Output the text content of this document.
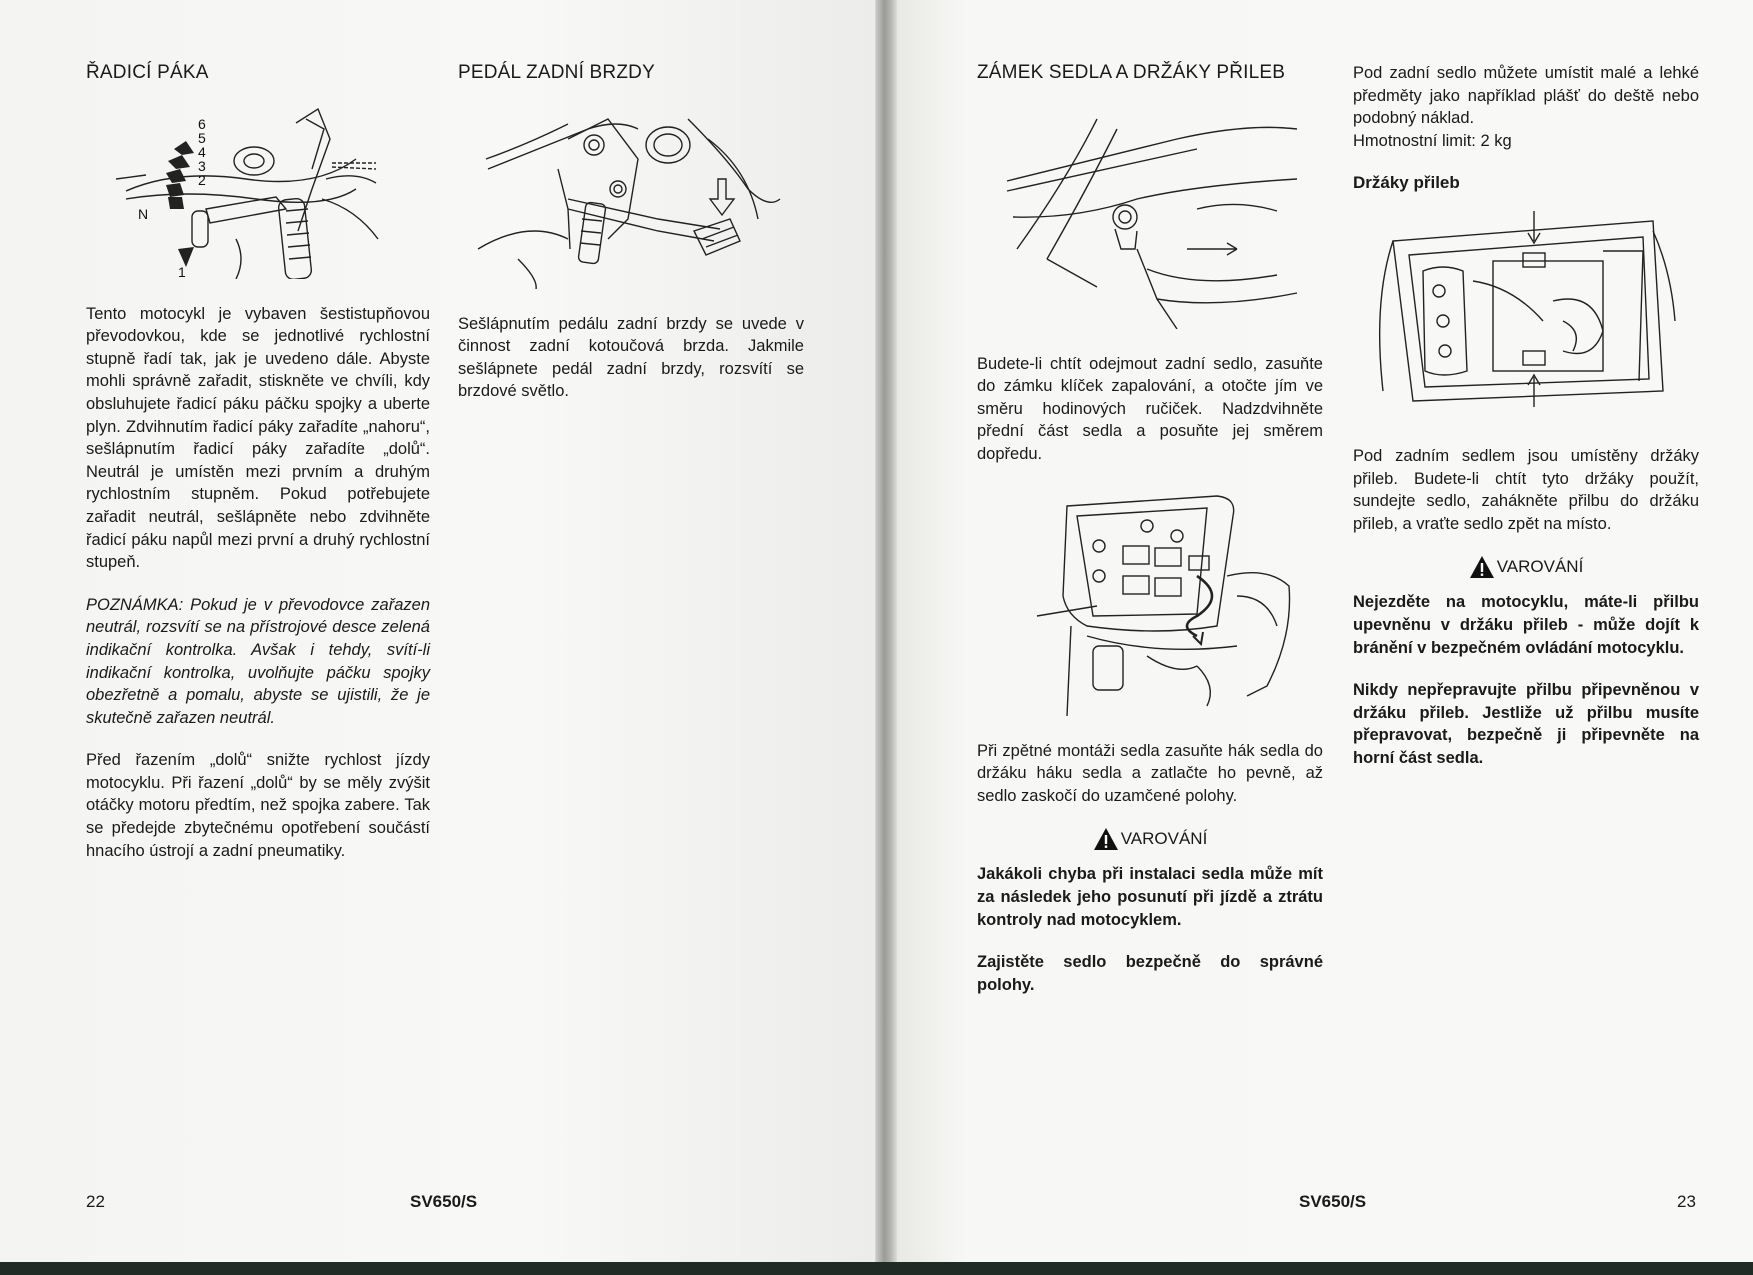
ŘADICÍ PÁKA
6
5
4
3
2
N
1

Tento motocykl je vybaven šestistupňovou převodovkou, kde se jednotlivé rychlostní stupně řadí tak, jak je uvedeno dále. Abyste mohli správně zařadit, stiskněte ve chvíli, kdy obsluhujete řadicí páku páčku spojky a uberte plyn. Zdvihnutím řadicí páky zařadíte „nahoru“, sešlápnutím řadicí páky zařadíte „dolů“. Neutrál je umístěn mezi prvním a druhým rychlostním stupněm. Pokud potřebujete zařadit neutrál, sešlápněte nebo zdvihněte řadicí páku napůl mezi první a druhý rychlostní stupeň.

POZNÁMKA: Pokud je v převodovce zařazen neutrál, rozsvítí se na přístrojové desce zelená indikační kontrolka. Avšak i tehdy, svítí-li indikační kontrolka, uvolňujte páčku spojky obezřetně a pomalu, abyste se ujistili, že je skutečně zařazen neutrál.

Před řazením „dolů“ snižte rychlost jízdy motocyklu. Při řazení „dolů“ by se měly zvýšit otáčky motoru předtím, než spojka zabere. Tak se předejde zbytečnému opotřebení součástí hnacího ústrojí a zadní pneumatiky.

PEDÁL ZADNÍ BRZDY

Sešlápnutím pedálu zadní brzdy se uvede v činnost zadní kotoučová brzda. Jakmile sešlápnete pedál zadní brzdy, rozsvítí se brzdové světlo.

22	SV650/S
ZÁMEK SEDLA A DRŽÁKY PŘILEB

Budete-li chtít odejmout zadní sedlo, zasuňte do zámku klíček zapalování, a otočte jím ve směru hodinových ručiček. Nadzdvihněte přední část sedla a posuňte jej směrem dopředu.

Při zpětné montáži sedla zasuňte hák sedla do držáku háku sedla a zatlačte ho pevně, až sedlo zaskočí do uzamčené polohy.

VAROVÁNÍ

Jakákoli chyba při instalaci sedla může mít za následek jeho posunutí při jízdě a ztrátu kontroly nad motocyklem.

Zajistěte sedlo bezpečně do správné polohy.

Pod zadní sedlo můžete umístit malé a lehké předměty jako například plášť do deště nebo podobný náklad.

Hmotnostní limit: 2 kg

Držáky přileb

Pod zadním sedlem jsou umístěny držáky přileb. Budete-li chtít tyto držáky použít, sundejte sedlo, zahákněte přilbu do držáku přileb, a vraťte sedlo zpět na místo.

VAROVÁNÍ

Nejezděte na motocyklu, máte-li přilbu upevněnu v držáku přileb - může dojít k bránění v bezpečném ovládání motocyklu.

Nikdy nepřepravujte přilbu připevněnou v držáku přileb. Jestliže už přilbu musíte přepravovat, bezpečně ji připevněte na horní část sedla.

SV650/S	23
